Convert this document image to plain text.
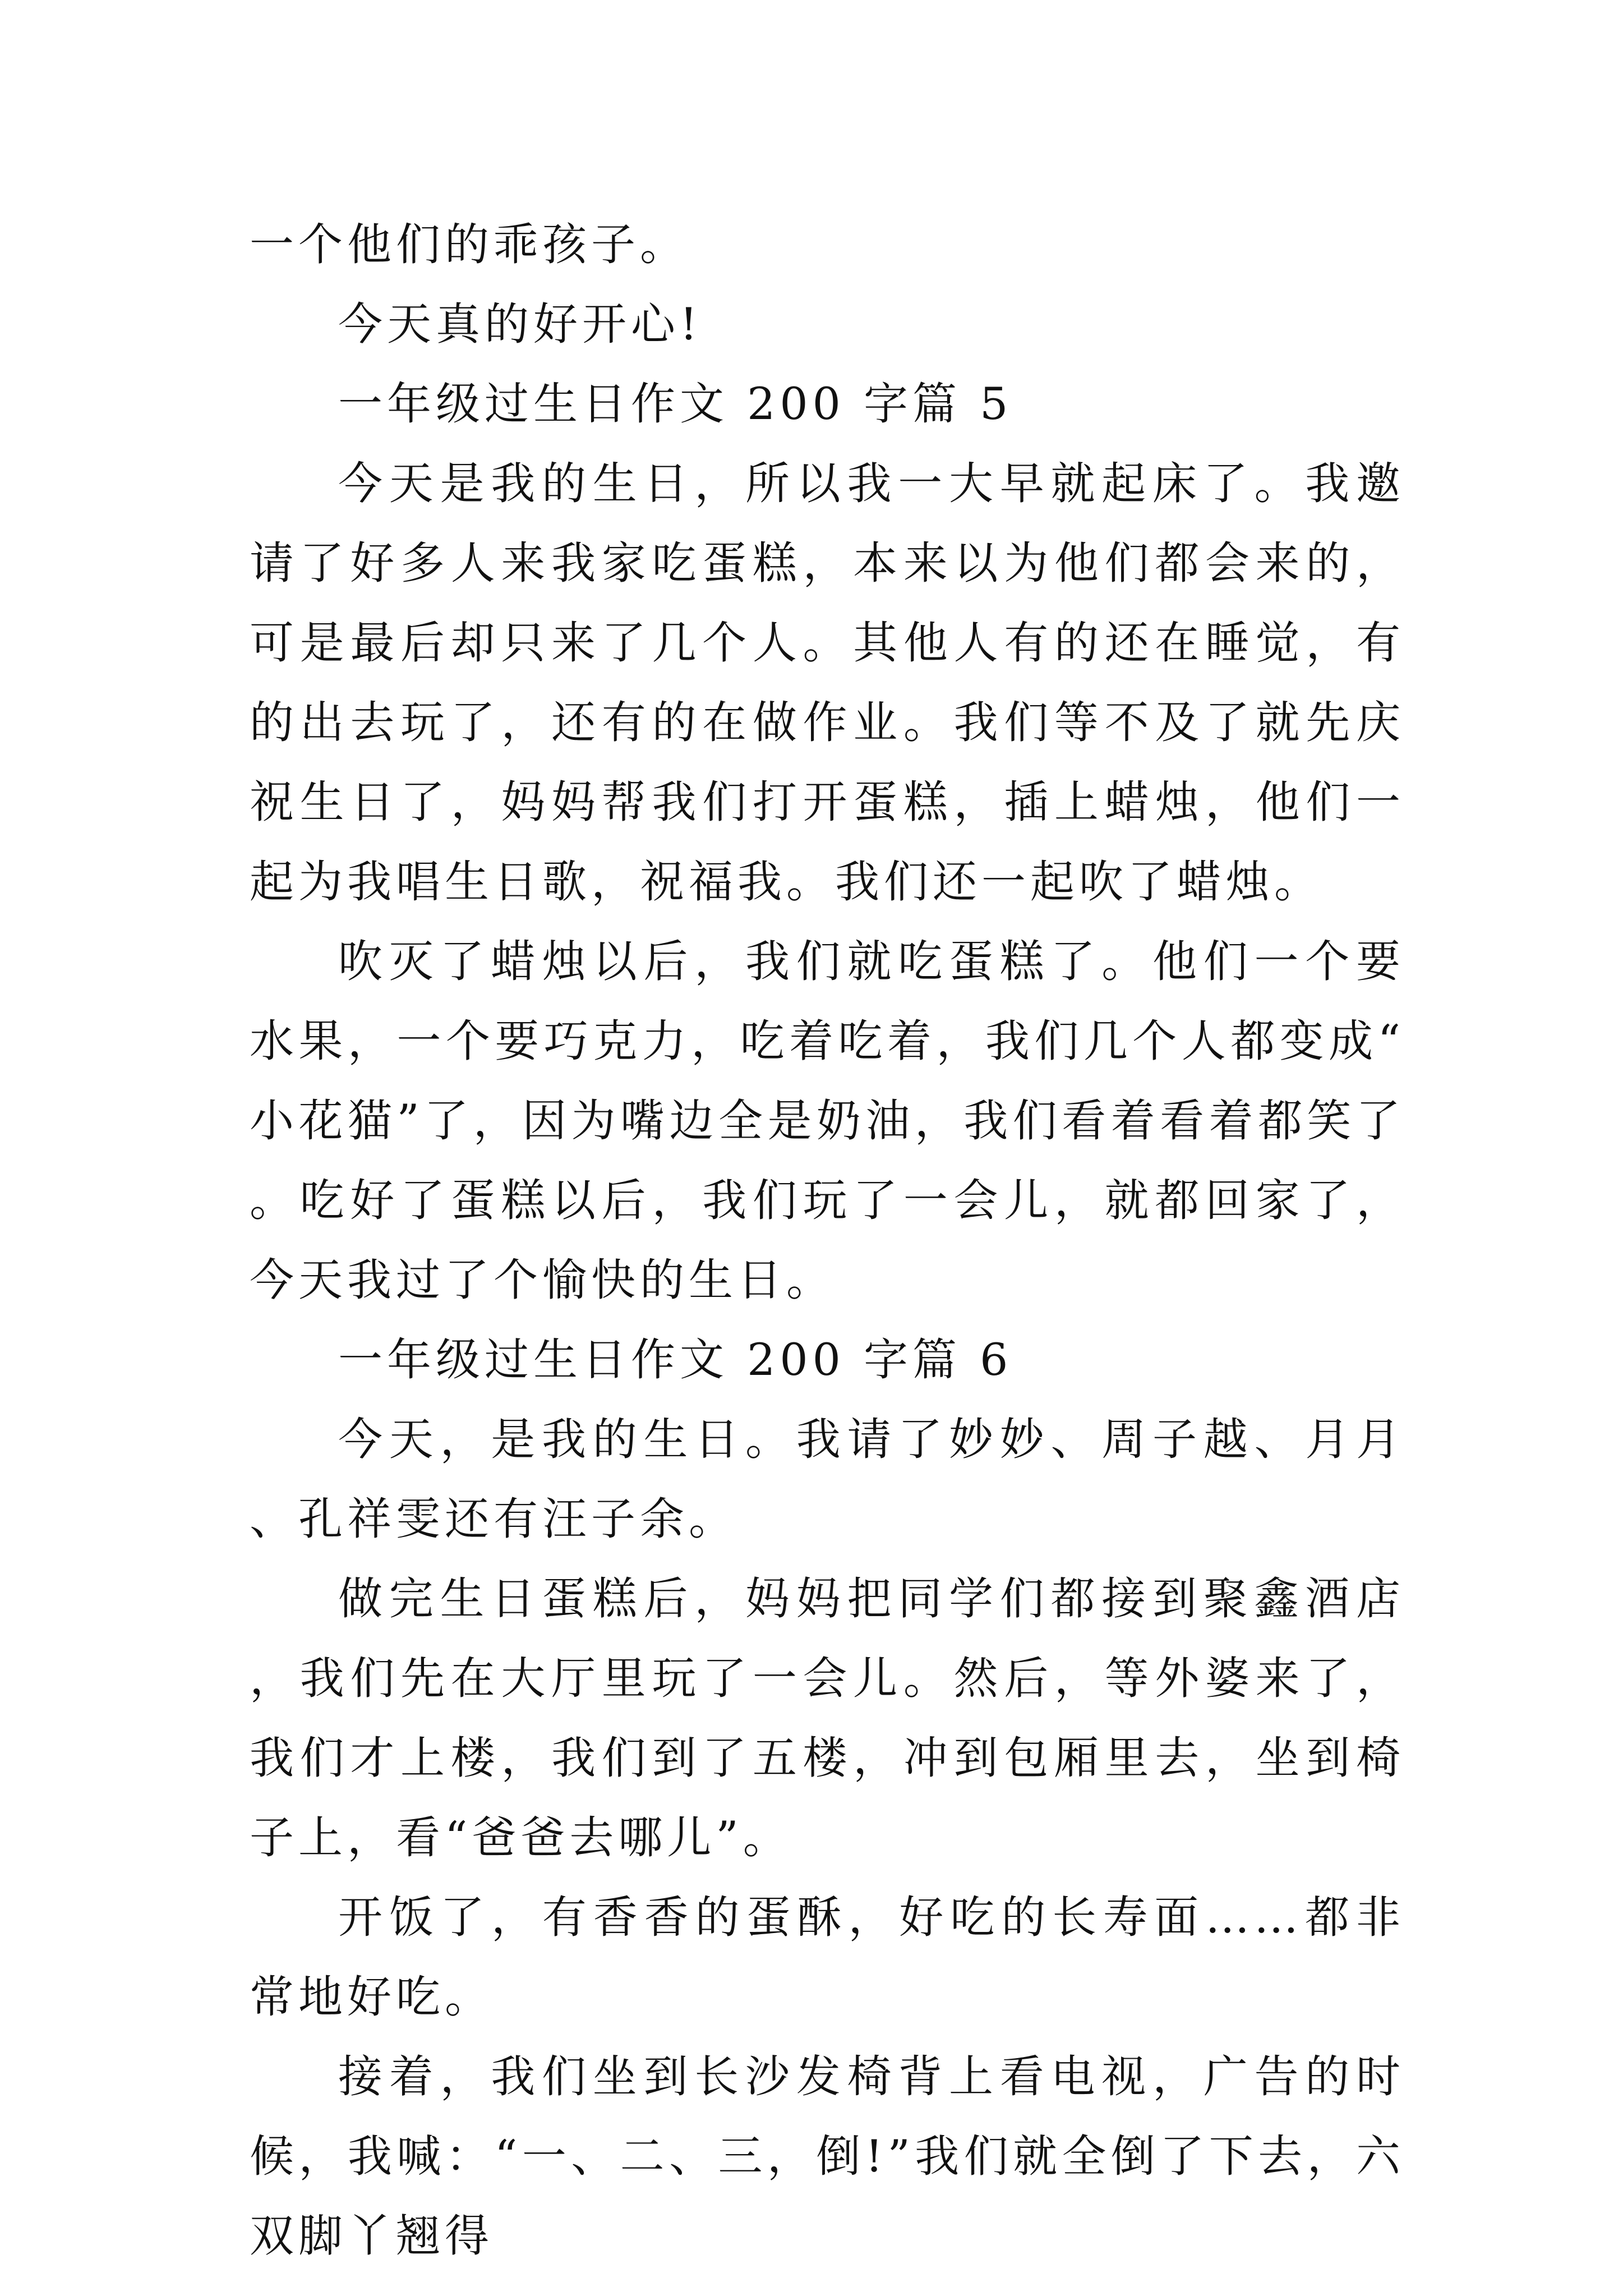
一个他们的乖孩子。

今天真的好开心!

一年级过生日作文 200 字篇 5

今天是我的生日，所以我一大早就起床了。我邀请了好多人来我家吃蛋糕，本来以为他们都会来的，可是最后却只来了几个人。其他人有的还在睡觉，有的出去玩了，还有的在做作业。我们等不及了就先庆祝生日了，妈妈帮我们打开蛋糕，插上蜡烛，他们一起为我唱生日歌，祝福我。我们还一起吹了蜡烛。

吹灭了蜡烛以后，我们就吃蛋糕了。他们一个要水果，一个要巧克力，吃着吃着，我们几个人都变成“小花猫”了，因为嘴边全是奶油，我们看着看着都笑了。吃好了蛋糕以后，我们玩了一会儿，就都回家了，今天我过了个愉快的生日。

一年级过生日作文 200 字篇 6

今天，是我的生日。我请了妙妙、周子越、月月、孔祥雯还有汪子余。

做完生日蛋糕后，妈妈把同学们都接到聚鑫酒店，我们先在大厅里玩了一会儿。然后，等外婆来了，我们才上楼，我们到了五楼，冲到包厢里去，坐到椅子上，看“爸爸去哪儿”。

开饭了，有香香的蛋酥，好吃的长寿面……都非常地好吃。

接着，我们坐到长沙发椅背上看电视，广告的时候，我喊：“一、二、三，倒!”我们就全倒了下去，六双脚丫翘得
